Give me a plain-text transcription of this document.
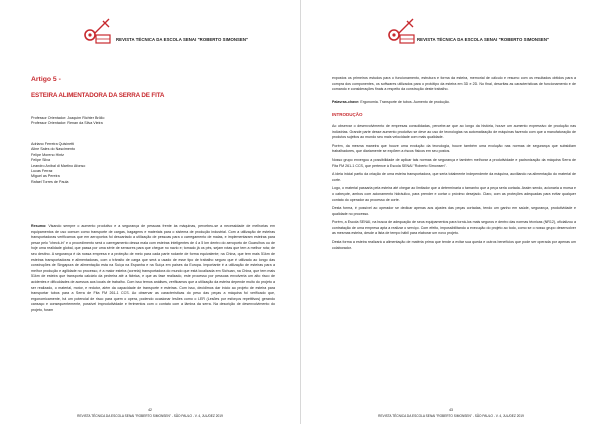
REVISTA TÉCNICA DA ESCOLA SENAI "ROBERTO SIMONSEN"
Artigo 5 -
ESTEIRA ALIMENTADORA DA SERRA DE FITA
Professor Orientador: Joaquim Richter Brôllo
Professor Orientador: Renan da Silva Vieira
Adriano Ferreira Quisinetti
Aline Sales do Nascimento
Felipe Moreno Hintz
Felipe Silva
Leandro Aníbal di Martino Afonso
Lucas Ferraz
Miguel as Pereira
Rafael Torres de Paula
Resumo: Visando sempre o aumento produtivo e a segurança de pessoas frente às máquinas, percebeu-se a necessidade de melhorias em equipamentos de uso comum como transporte de cargas, bagagens e materiais para o sistema de produção industrial. Com a utilização de esteiras transportadoras verificamos que em aeroportos foi descartado a utilização de pessoas para o carregamento de malas, e implementaram esteiras para pesar pelo "check-in" e o procedimento será o carregamento dessa mala com esteiras inteligentes de 4 a 5 km dentro do aeroporto de Guarulhos ou de hoje uma realidade global, que passa por uma série de sensores para que chegue no navio e; tomado já os pés, sejam rotas que tem a melhor rota; de seu destino. A segurança é da nossa empresa e a proteção de meio para cada parte rodante de forma equivalente; na China, que tem mais 51km de esteiras transportadoras e alimentadoras, com o trânsito de carga que será a usado de esse tipo de trabalho seguro que é utilizado ao longo das construções de Singapura de alimentação esta na Suíça na Espanha e na Suíça em países da Europa. Importante é a utilização de esteiras para a melhor produção e agilidade no processo, é a maior esteira (correia) transportadora do mundo que está localizada em Sichuan, na China, que tem mais 51km de esteira que transporta calcário da pedreira até a fábrica, e que as fase realizado, este processo por pessoas envolveria um alto risco de acidentes e dificuldades de acessos aos locais de trabalho. Com isso temos análises, verificamos que a utilização da esteira depende muito do projeto a ser realizado, o material, motor, e redutor, além da capacidade de transporte e esteiras. Com isso, decidimos dar início ao projeto de esteira para transportar tubos para a Serra de Fita FM 261-1 CCS. Ao observar as características do peso das peças a máquina foi verificado que, ergonomicamente, há um potencial de risco para quem o opera, podendo ocasionar lesões como o LER (Lesões por esforços repetitivos) gerando cansaço e consequentemente, possível improdutividade e ferimentos com o contato com a lâmina da serra. Na descrição de desenvolvimento do projeto, foram
42
REVISTA TÉCNICA DA ESCOLA SENAI "ROBERTO SIMONSEN" - SÃO PAULO - V. 4, JUL/DEZ 2019
REVISTA TÉCNICA DA ESCOLA SENAI "ROBERTO SIMONSEN"

expostos os primeiros estudos para o funcionamento, estrutura e forma da esteira, memorial de cálculo e resumo com os resultados obtidos para a compra dos componentes, os softwares utilizados para o protótipo da esteira em 3D e 2D. No final, descritas as características de funcionamento e de comando e considerações finais a respeito da construção deste trabalho.

Palavras-chave: Ergonomia. Transporte de tubos. Aumento de produção.

INTRODUÇÃO

Ao observar o desenvolvimento de empresas consolidadas, percebe-se que ao longo da história, houve um aumento expressivo de produção nas indústrias. Grande parte desse aumento produtivo se deve ao uso de tecnologias na automatização de máquinas fazendo com que a manufaturação de produtos sujeitos ao mundo seu mais velocidade com mais qualidade.

Porém, da mesma maneira que houve uma evolução da tecnologia, houve também uma evolução nas normas de segurança que subsidiam trabalhadores, que diariamente se expõem a riscos físicos em seu postos.

Nosso grupo enxergou a possibilidade de aplicar tais normas de segurança e também melhorar a produtividade e padronização da máquina Serra de Fita FM 261-1 CCS, que pertence à Escola SENAI "Roberto Simonsen".

A ideia inicial partiu da criação de uma esteira transportadora, que seria totalmente independente da máquina, auxiliando na alimentação do material de corte.

Logo, o material passaria pela esteira até chegar ao limitador que a determinaria o tamanho que a peça seria cortada. Assim sendo, acionaria a morsa e o cabeçote, ambos com acionamento hidráulico, para prender e cortar o próximo desejado. Claro, com as proteções adequadas para evitar qualquer contato do operador ao processo de corte.

Desta forma, é possível ao operador se dedicar apenas aos ajustes das peças cortadas, tendo um ganho em saúde, segurança, produtividade e qualidade no processo.

Porém, a Escola SENAI, na busca de adequação de seus equipamentos para torná-los mais seguros e dentro das normas técnicas (NR12), oficializou a contratação de uma empresa apta a realizar o serviço. Com efeito, impossibilitando a execução do projeto ao todo, como se o nosso grupo desenvolver as mesmas esteira, desde a lista de tempo hábil para elaborar um novo projeto.

Desta forma a esteira realizará a alimentação de matéria prima que tende a evitar sua queda e outros benefícios que pode ser operada por apenas um colaborador.

43
REVISTA TÉCNICA DA ESCOLA SENAI "ROBERTO SIMONSEN" - SÃO PAULO - V. 4, JUL/DEZ 2019
